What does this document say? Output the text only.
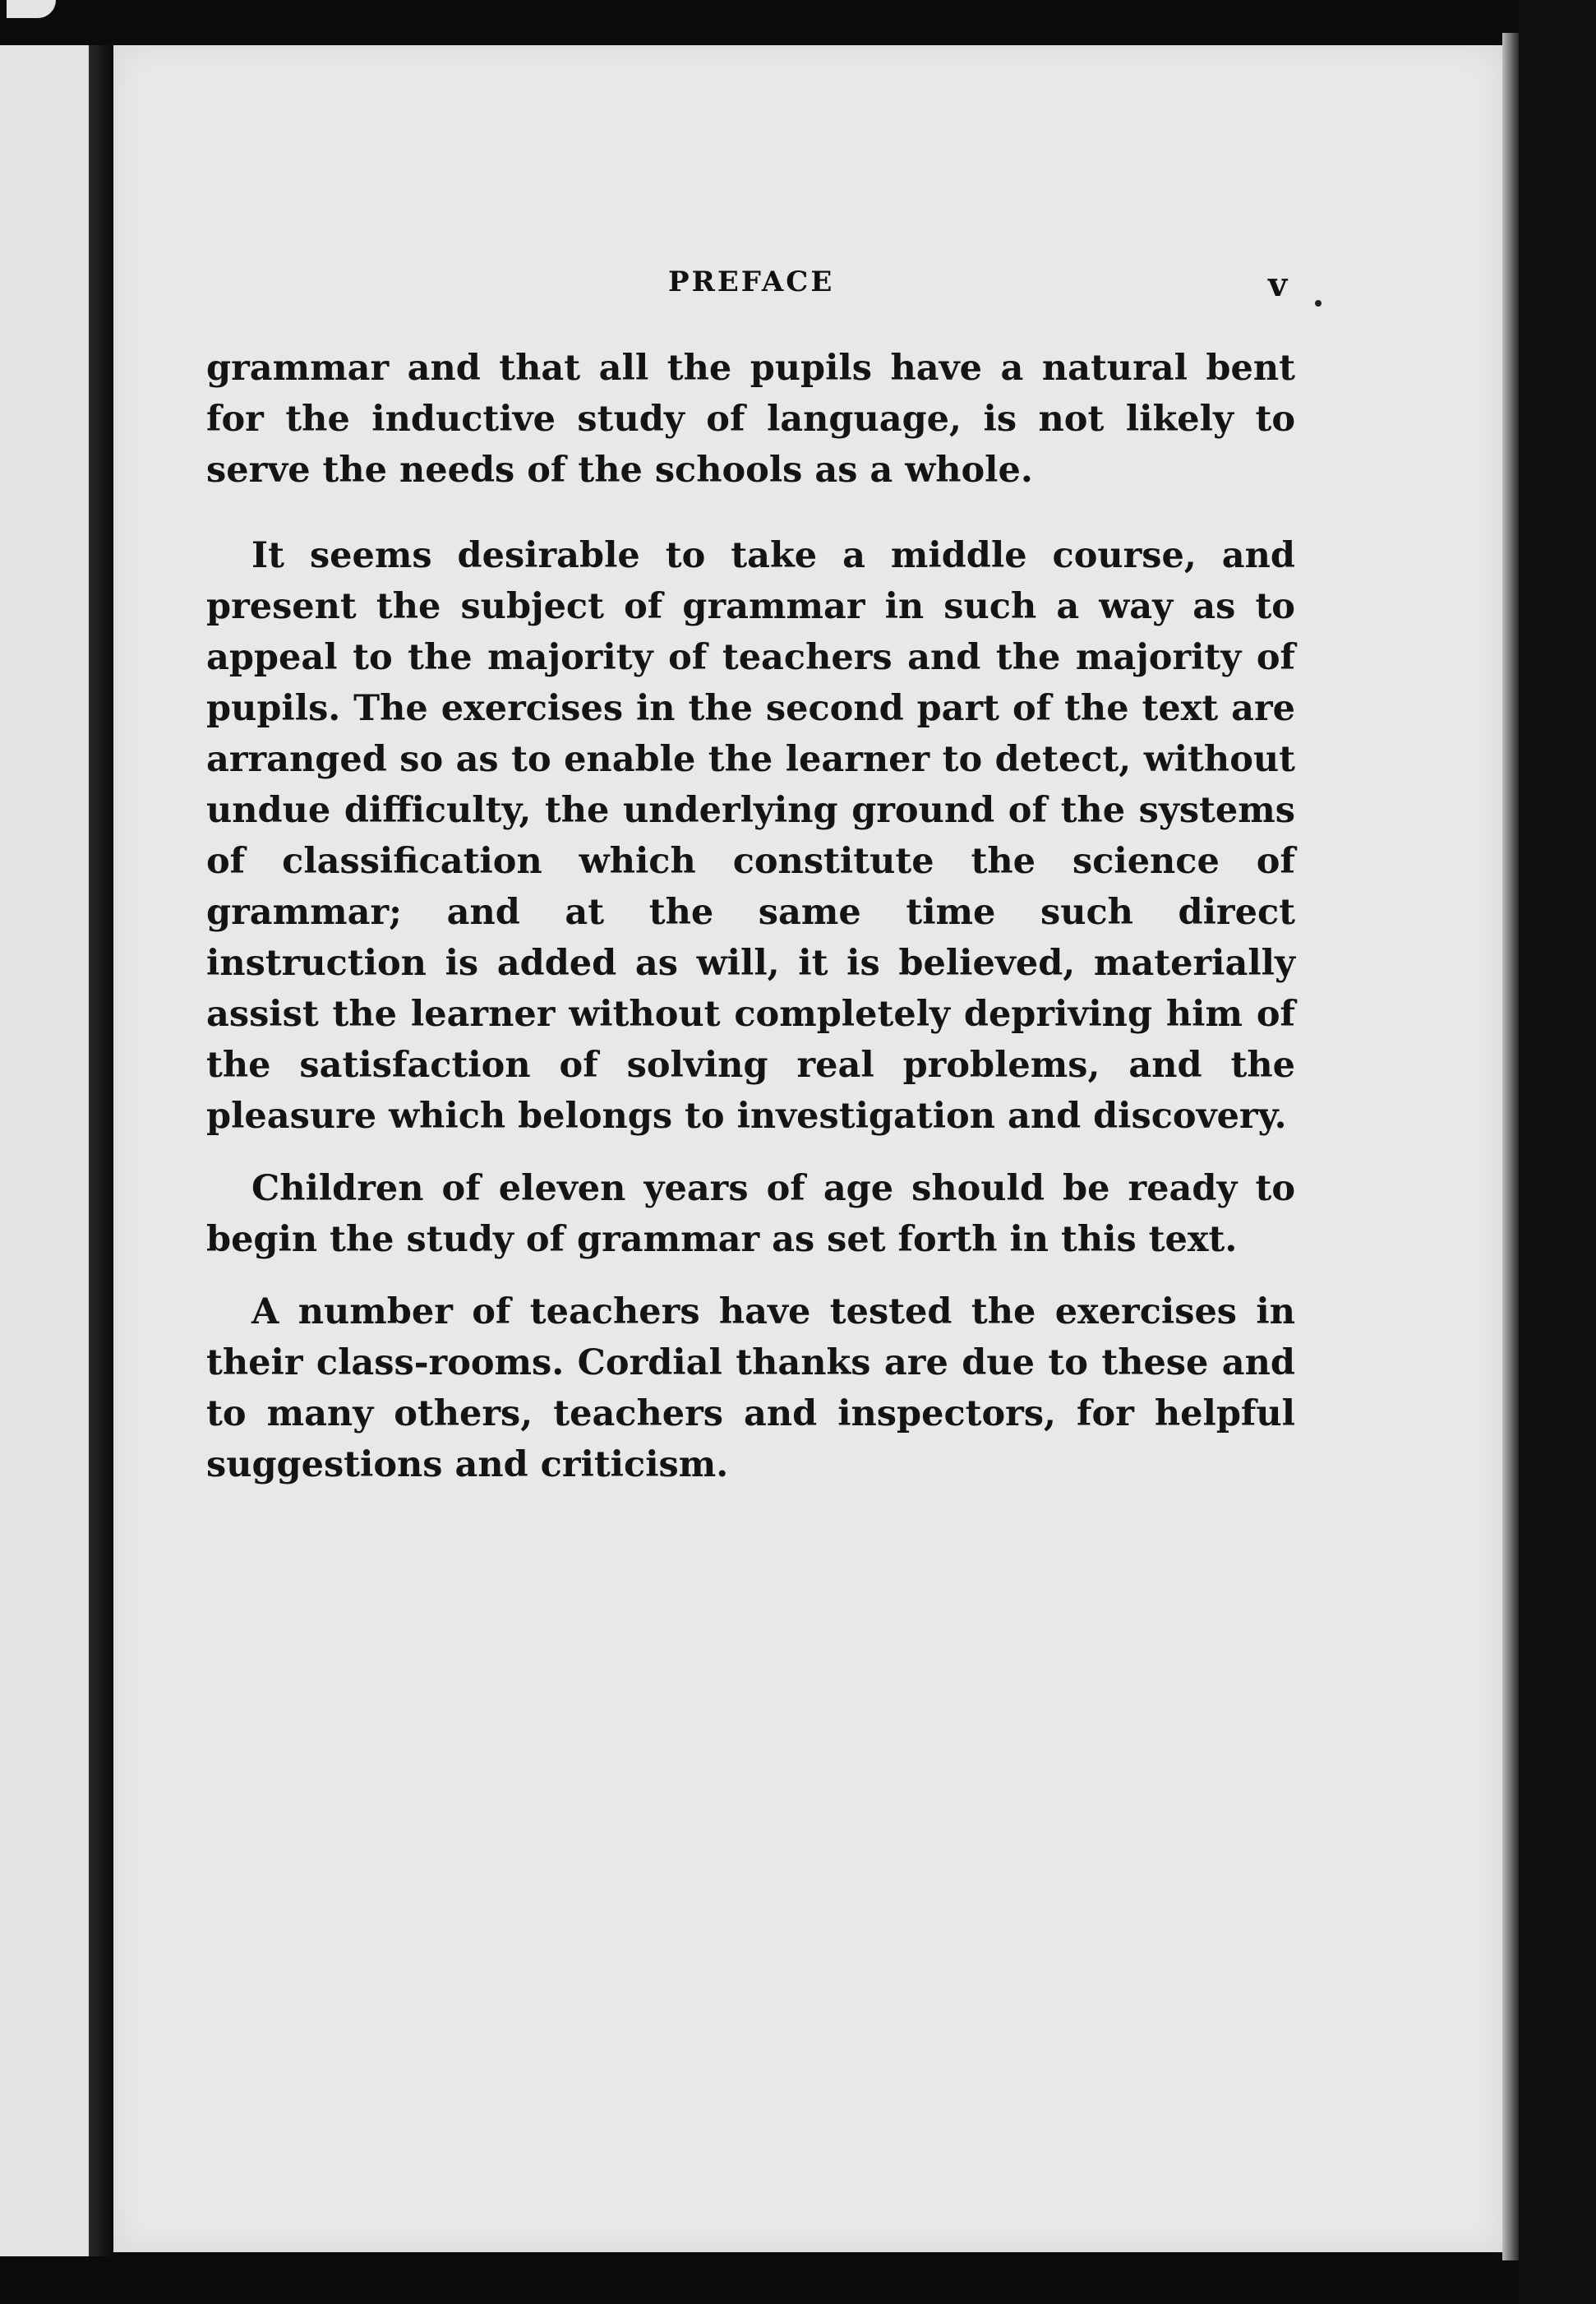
PREFACE	v

grammar and that all the pupils have a natural bent for the inductive study of language, is not likely to serve the needs of the schools as a whole.

It seems desirable to take a middle course, and present the subject of grammar in such a way as to appeal to the majority of teachers and the majority of pupils. The exercises in the second part of the text are arranged so as to enable the learner to detect, without undue difficulty, the underlying ground of the systems of classification which constitute the science of grammar; and at the same time such direct instruction is added as will, it is believed, materially assist the learner without completely depriving him of the satisfaction of solving real problems, and the pleasure which belongs to investigation and discovery.

Children of eleven years of age should be ready to begin the study of grammar as set forth in this text.

A number of teachers have tested the exercises in their class-rooms. Cordial thanks are due to these and to many others, teachers and inspectors, for helpful suggestions and criticism.
